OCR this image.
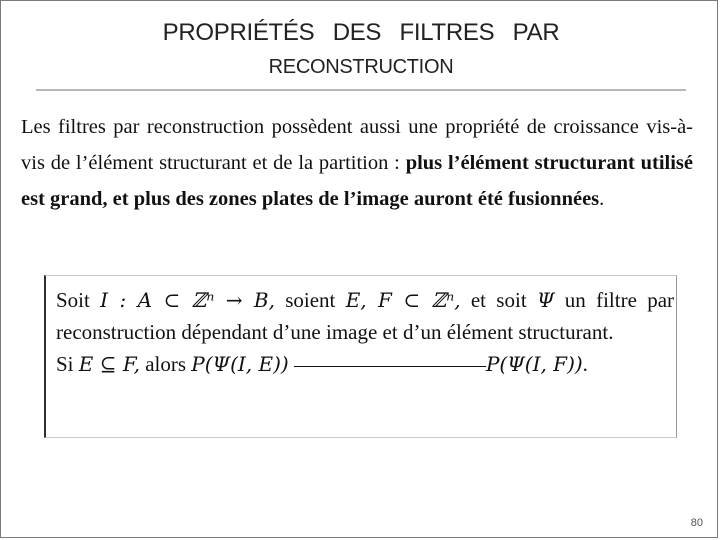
PROPRIÉTÉS DES FILTRES PAR
RECONSTRUCTION

Les filtres par reconstruction possèdent aussi une propriété de croissance vis-à-vis de l’élément structurant et de la partition : plus l’élément structurant utilisé est grand, et plus des zones plates de l’image auront été fusionnées.

Soit I : A ⊂ ℤⁿ → B, soient E, F ⊂ ℤⁿ, et soit Ψ un filtre par reconstruction dépendant d’une image et d’un élément structurant.
Si E ⊆ F, alors P(Ψ(I, E))	P(Ψ(I, F)).

80
